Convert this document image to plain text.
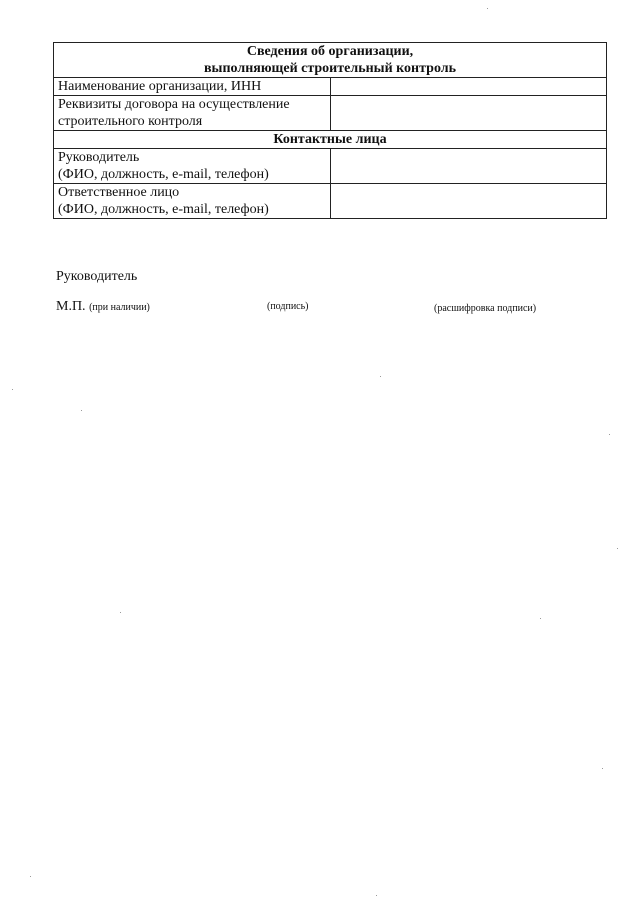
Сведения об организации,
выполняющей строительный контроль	

Наименование организации, ИНН	

Реквизиты договора на осуществление
строительного контроля	

Контактные лица	

Руководитель
(ФИО, должность, e-mail, телефон)	

Ответственное лицо
(ФИО, должность, e-mail, телефон)	

Руководитель
М.П. (при наличии)	(подпись)	(расшифровка подписи)
